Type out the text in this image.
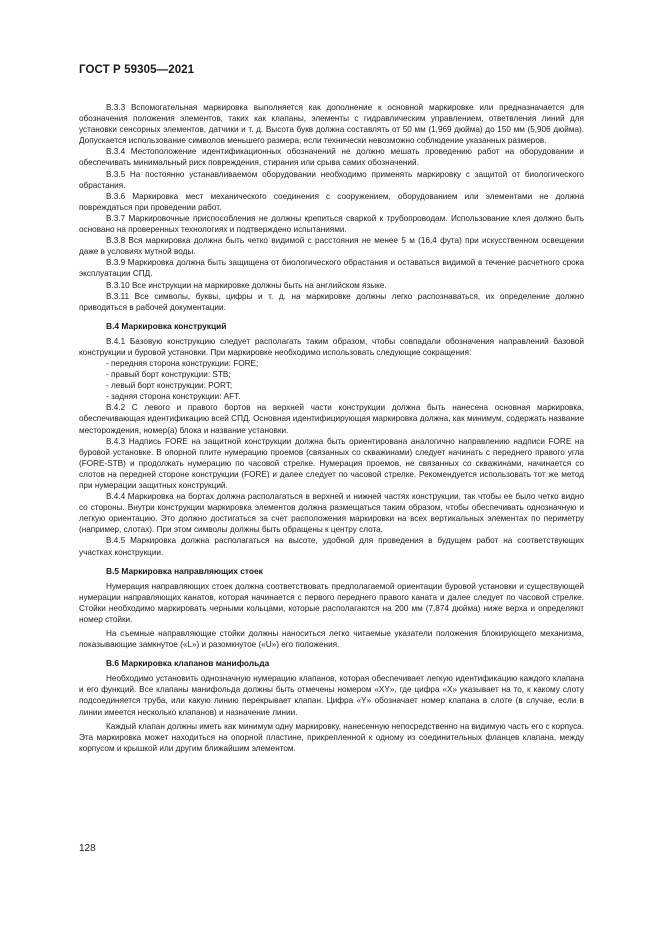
ГОСТ Р 59305—2021

В.3.3 Вспомогательная маркировка выполняется как дополнение к основной маркировке или предназначается для обозначения положения элементов, таких как клапаны, элементы с гидравлическим управлением, ответвления линий для установки сенсорных элементов, датчики и т. д. Высота букв должна составлять от 50 мм (1,969 дюйма) до 150 мм (5,906 дюйма). Допускается использование символов меньшего размера, если технически невозможно соблюдение указанных размеров.

В.3.4 Местоположение идентификационных обозначений не должно мешать проведению работ на оборудовании и обеспечивать минимальный риск повреждения, стирания или срыва самих обозначений.

В.3.5 На постоянно устанавливаемом оборудовании необходимо применять маркировку с защитой от биологического обрастания.

В.3.6 Маркировка мест механического соединения с сооружением, оборудованием или элементами не должна повреждаться при проведении работ.

В.3.7 Маркировочные приспособления не должны крепиться сваркой к трубопроводам. Использование клея должно быть основано на проверенных технологиях и подтверждено испытаниями.

В.3.8 Вся маркировка должна быть четко видимой с расстояния не менее 5 м (16,4 фута) при искусственном освещении даже в условиях мутной воды.

В.3.9 Маркировка должна быть защищена от биологического обрастания и оставаться видимой в течение расчетного срока эксплуатации СПД.

В.3.10 Все инструкции на маркировке должны быть на английском языке.

В.3.11 Все символы, буквы, цифры и т. д. на маркировке должны легко распознаваться, их определение должно приводиться в рабочей документации.

В.4 Маркировка конструкций

В.4.1 Базовую конструкцию следует располагать таким образом, чтобы совпадали обозначения направлений базовой конструкции и буровой установки. При маркировке необходимо использовать следующие сокращения:

- передняя сторона конструкции: FORE;
- правый борт конструкции: STB;
- левый борт конструкции: PORT;
- задняя сторона конструкции: AFT.

В.4.2 С левого и правого бортов на верхней части конструкции должна быть нанесена основная маркировка, обеспечивающая идентификацию всей СПД. Основная идентифицирующая маркировка должна, как минимум, содержать название месторождения, номер(а) блока и название установки.

В.4.3 Надпись FORE на защитной конструкции должна быть ориентирована аналогично направлению надписи FORE на буровой установке. В опорной плите нумерацию проемов (связанных со скважинами) следует начинать с переднего правого угла (FORE-STB) и продолжать нумерацию по часовой стрелке. Нумерация проемов, не связанных со скважинами, начинается со слотов на передней стороне конструкции (FORE) и далее следует по часовой стрелке. Рекомендуется использовать тот же метод при нумерации защитных конструкций.

В.4.4 Маркировка на бортах должна располагаться в верхней и нижней частях конструкции, так чтобы ее было четко видно со стороны. Внутри конструкции маркировка элементов должна размещаться таким образом, чтобы обеспечивать однозначную и легкую ориентацию. Это должно достигаться за счет расположения маркировки на всех вертикальных элементах по периметру (например, слотах). При этом символы должны быть обращены к центру слота.

В.4.5 Маркировка должна располагаться на высоте, удобной для проведения в будущем работ на соответствующих участках конструкции.

В.5 Маркировка направляющих стоек

Нумерация направляющих стоек должна соответствовать предполагаемой ориентации буровой установки и существующей нумерации направляющих канатов, которая начинается с первого переднего правого каната и далее следует по часовой стрелке. Стойки необходимо маркировать черными кольцами, которые располагаются на 200 мм (7,874 дюйма) ниже верха и определяют номер стойки.

На съемные направляющие стойки должны наноситься легко читаемые указатели положения блокирующего механизма, показывающие замкнутое («L») и разомкнутое («U») его положения.

В.6 Маркировка клапанов манифольда

Необходимо установить однозначную нумерацию клапанов, которая обеспечивает легкую идентификацию каждого клапана и его функций. Все клапаны манифольда должны быть отмечены номером «XY», где цифра «X» указывает на то, к какому слоту подсоединяется труба, или какую линию перекрывает клапан. Цифра «Y» обозначает номер клапана в слоте (в случае, если в линии имеется несколько клапанов) и назначение линии.

Каждый клапан должны иметь как минимум одну маркировку, нанесенную непосредственно на видимую часть его с корпуса. Эта маркировка может находиться на опорной пластине, прикрепленной к одному из соединительных фланцев клапана, между корпусом и крышкой или другим ближайшим элементом.

128
